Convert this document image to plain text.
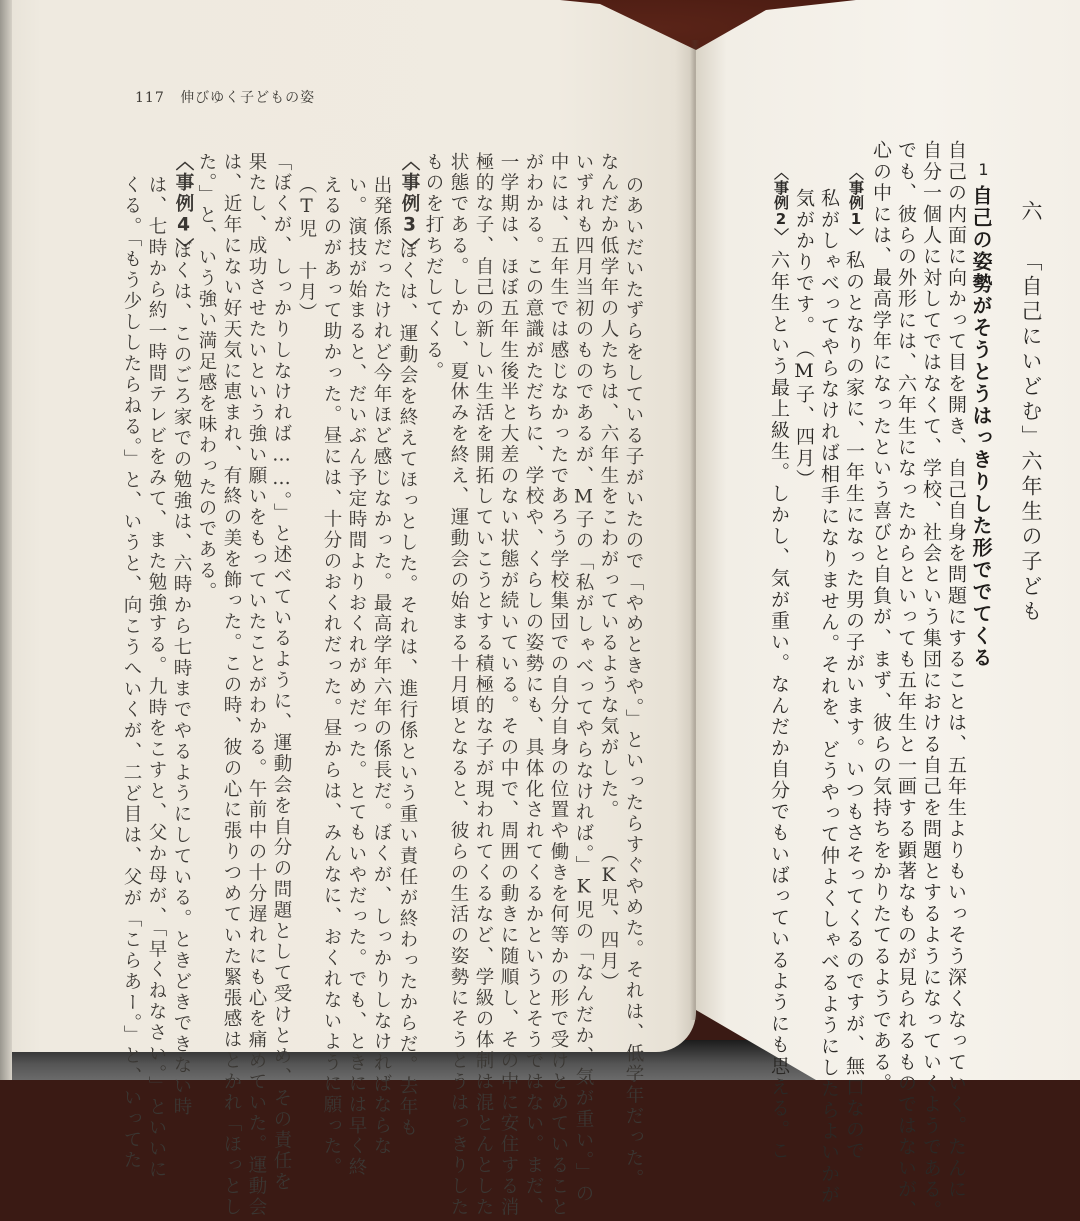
117 伸びゆく子どもの姿
のあいだいたずらをしている子がいたので「やめときや。」といったらすぐやめた。それは、低学年だった。
なんだか低学年の人たちは、六年生をこわがっているような気がした。　　（K児、四月）
いずれも四月当初のものであるが、M子の「私がしゃべってやらなければ。」K児の「なんだか、気が重い。」の
中には、五年生では感じなかったであろう学校集団での自分自身の位置や働きを何等かの形で受けとめていること
がわかる。この意識がただちに、学校や、くらしの姿勢にも、具体化されてくるかというとそうではない。まだ、
一学期は、ほぼ五年生後半と大差のない状態が続いている。その中で、周囲の動きに随順し、その中に安住する消
極的な子、自己の新しい生活を開拓していこうとする積極的な子が現われてくるなど、学級の体制は混とんとした
状態である。しかし、夏休みを終え、運動会の始まる十月頃となると、彼らの生活の姿勢にそうとうはっきりした
ものを打ちだしてくる。
〈事例3〉
ぼくは、運動会を終えてほっとした。それは、進行係という重い責任が終わったからだ。去年も
出発係だったけれど今年ほど感じなかった。最高学年六年の係長だ。ぼくが、しっかりしなければならな
い。演技が始まると、だいぶん予定時間よりおくれがめだった。とてもいやだった。でも、ときには早く終
えるのがあって助かった。昼には、十分のおくれだった。昼からは、みんなに、おくれないように願った。
（T児　十月）
「ぼくが、しっかりしなければ……。」と述べているように、運動会を自分の問題として受けとめ、その責任を
果たし、成功させたいという強い願いをもっていたことがわかる。午前中の十分遅れにも心を痛めていた。運動会
は、近年にない好天気に恵まれ、有終の美を飾った。この時、彼の心に張りつめていた緊張感はとかれ「ほっとし
た。」と、いう強い満足感を味わったのである。
〈事例4〉
ぼくは、このごろ家での勉強は、六時から七時までやるようにしている。ときどきできない時
は、七時から約一時間テレビをみて、また勉強する。九時をこすと、父か母が、「早くねなさい。」といいに
くる。「もう少ししたらねる。」と、いうと、向こうへいくが、二ど目は、父が「こらあー。」と、いってた	六
「自己にいどむ」六年生の子ども
1
自己の姿勢がそうとうはっきりした形ででてくる
自己の内面に向かって目を開き、自己自身を問題にすることは、五年生よりもいっそう深くなっていく。たんに
自分一個人に対してではなくて、学校、社会という集団における自己を問題とするようになっていくようである。
でも、彼らの外形には、六年生になったからといっても五年生と一画する顕著なものが見られるものではないが、
心の中には、最高学年になったという喜びと自負が、まず、彼らの気持ちをかりたてるようである。
〈事例1〉
私のとなりの家に、一年生になった男の子がいます。いつもさそってくるのですが、無口なので
私がしゃべってやらなければ相手になりません。それを、どうやって仲よくしゃべるようにしたらよいかが
気がかりです。　（M子、四月）
〈事例2〉
六年生という最上級生。しかし、気が重い。なんだか自分でもいばっているようにも思える。こ
